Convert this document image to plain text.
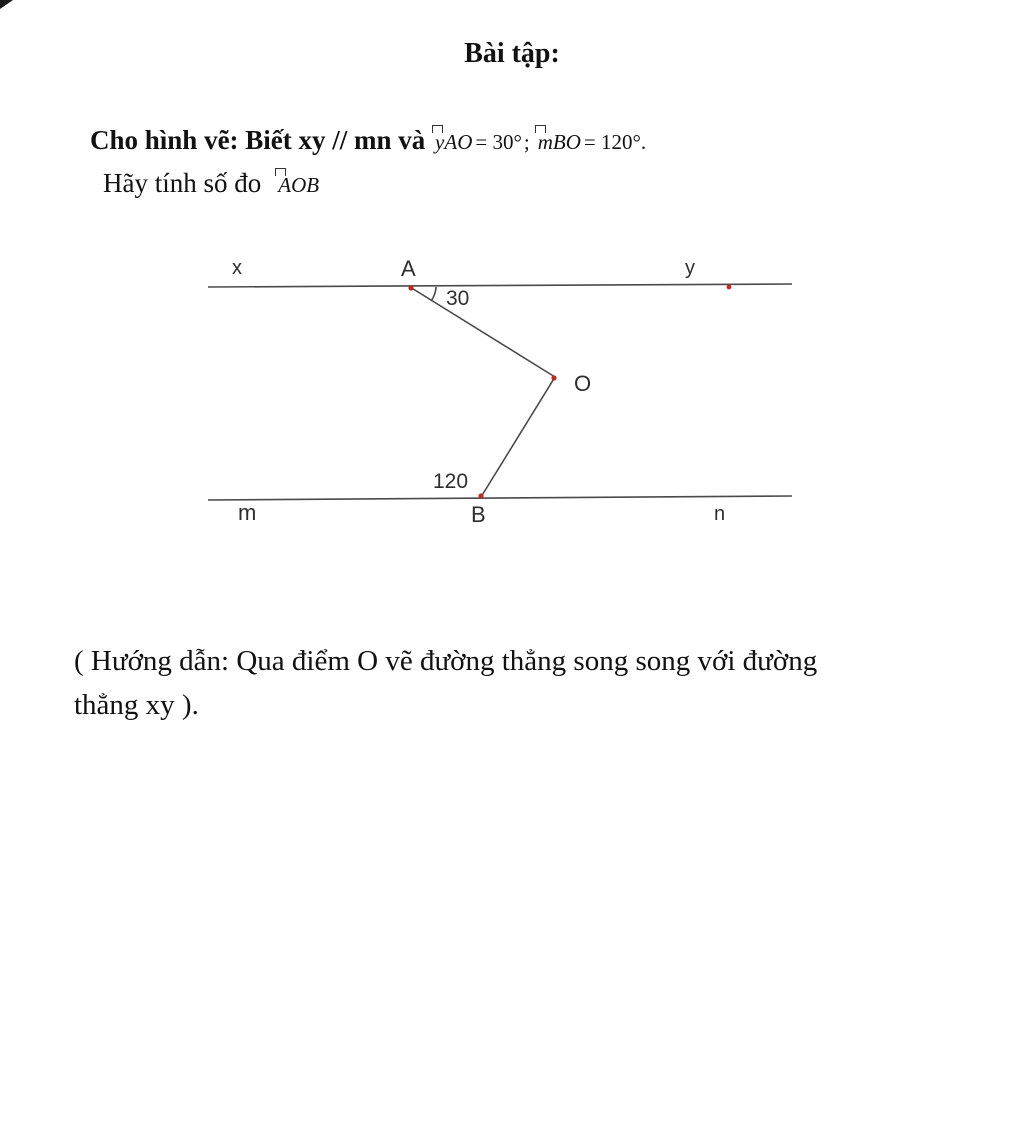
Bài tập:
Cho hình vẽ: Biết xy // mn và yAO = 30°; mBO = 120°.
Hãy tính số đo AOB
x	A	y
30
O
120
m	B	n

( Hướng dẫn: Qua điểm O vẽ đường thẳng song song với đường
thẳng xy ).
